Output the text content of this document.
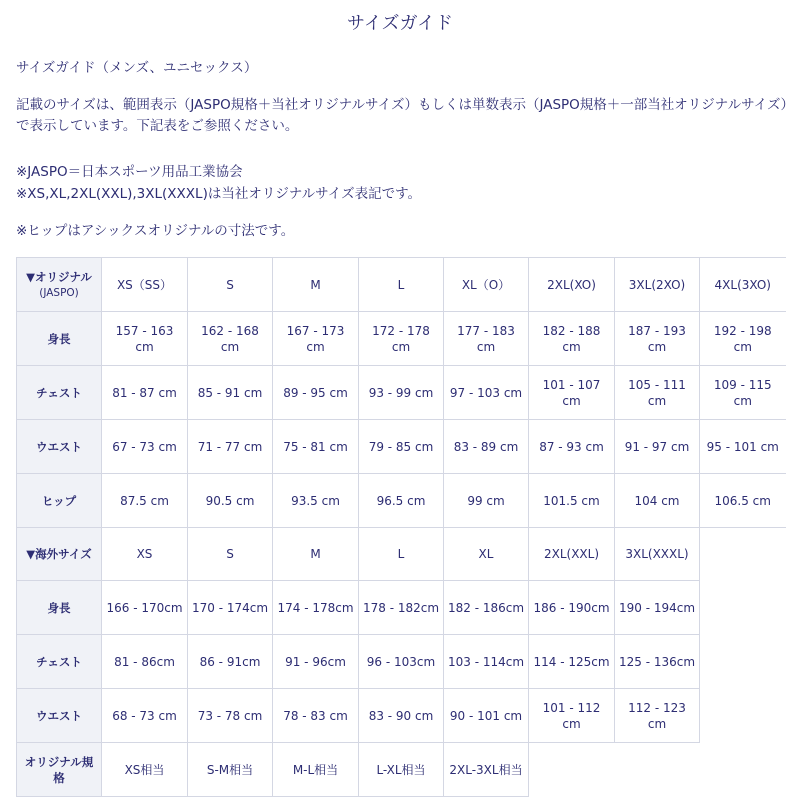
サイズガイド
サイズガイド（メンズ、ユニセックス）
記載のサイズは、範囲表示（JASPO規格＋当社オリジナルサイズ）もしくは単数表示（JASPO規格＋一部当社オリジナルサイズ）で表示しています。下記表をご参照ください。
※JASPO＝日本スポーツ用品工業協会
※XS,XL,2XL(XXL),3XL(XXXL)は当社オリジナルサイズ表記です。
※ヒップはアシックスオリジナルの寸法です。
▼オリジナル
(JASPO)	XS（SS）	S	M	L	XL（O）	2XL(XO)	3XL(2XO)	4XL(3XO)
身長	157 - 163 cm	162 - 168 cm	167 - 173 cm	172 - 178 cm	177 - 183 cm	182 - 188 cm	187 - 193 cm	192 - 198 cm
チェスト	81 - 87 cm	85 - 91 cm	89 - 95 cm	93 - 99 cm	97 - 103 cm	101 - 107 cm	105 - 111 cm	109 - 115 cm
ウエスト	67 - 73 cm	71 - 77 cm	75 - 81 cm	79 - 85 cm	83 - 89 cm	87 - 93 cm	91 - 97 cm	95 - 101 cm
ヒップ	87.5 cm	90.5 cm	93.5 cm	96.5 cm	99 cm	101.5 cm	104 cm	106.5 cm
▼海外サイズ	XS	S	M	L	XL	2XL(XXL)	3XL(XXXL)	
身長	166 - 170cm	170 - 174cm	174 - 178cm	178 - 182cm	182 - 186cm	186 - 190cm	190 - 194cm	
チェスト	81 - 86cm	86 - 91cm	91 - 96cm	96 - 103cm	103 - 114cm	114 - 125cm	125 - 136cm	
ウエスト	68 - 73 cm	73 - 78 cm	78 - 83 cm	83 - 90 cm	90 - 101 cm	101 - 112 cm	112 - 123 cm	
オリジナル規格	XS相当	S-M相当	M-L相当	L-XL相当	2XL-3XL相当			
